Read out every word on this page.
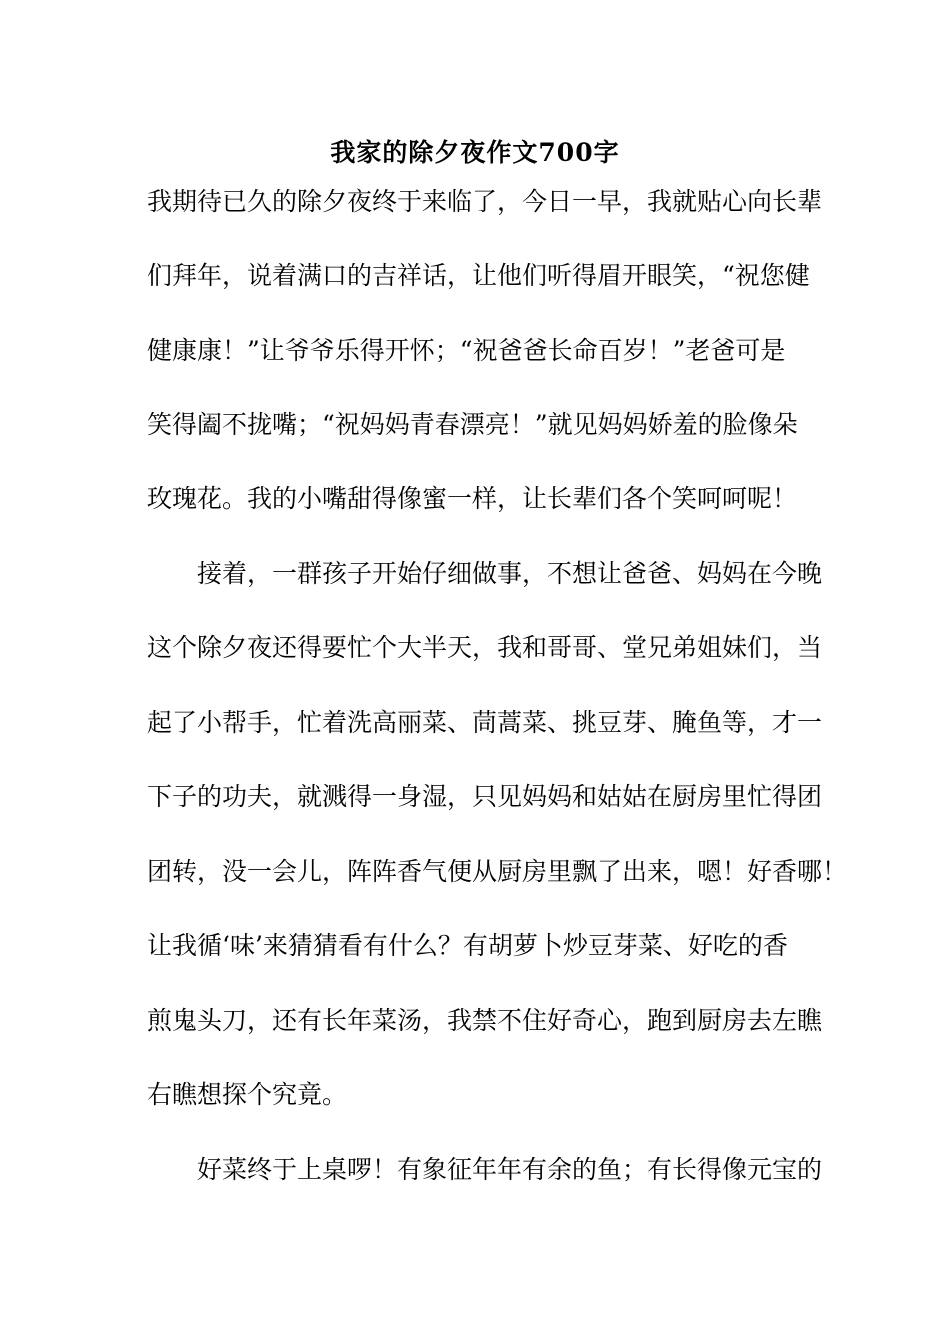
我家的除夕夜作文700字
我期待已久的除夕夜终于来临了，今日一早，我就贴心向长辈
们拜年，说着满口的吉祥话，让他们听得眉开眼笑，“祝您健
健康康！”让爷爷乐得开怀；“祝爸爸长命百岁！”老爸可是
笑得阖不拢嘴；“祝妈妈青春漂亮！”就见妈妈娇羞的脸像朵
玫瑰花。我的小嘴甜得像蜜一样，让长辈们各个笑呵呵呢！
　　接着，一群孩子开始仔细做事，不想让爸爸、妈妈在今晚
这个除夕夜还得要忙个大半天，我和哥哥、堂兄弟姐妹们，当
起了小帮手，忙着洗高丽菜、茼蒿菜、挑豆芽、腌鱼等，才一
下子的功夫，就溅得一身湿，只见妈妈和姑姑在厨房里忙得团
团转，没一会儿，阵阵香气便从厨房里飘了出来，嗯！好香哪！
让我循‘味’来猜猜看有什么？有胡萝卜炒豆芽菜、好吃的香
煎鬼头刀，还有长年菜汤，我禁不住好奇心，跑到厨房去左瞧
右瞧想探个究竟。
　　好菜终于上桌啰！有象征年年有余的鱼；有长得像元宝的
